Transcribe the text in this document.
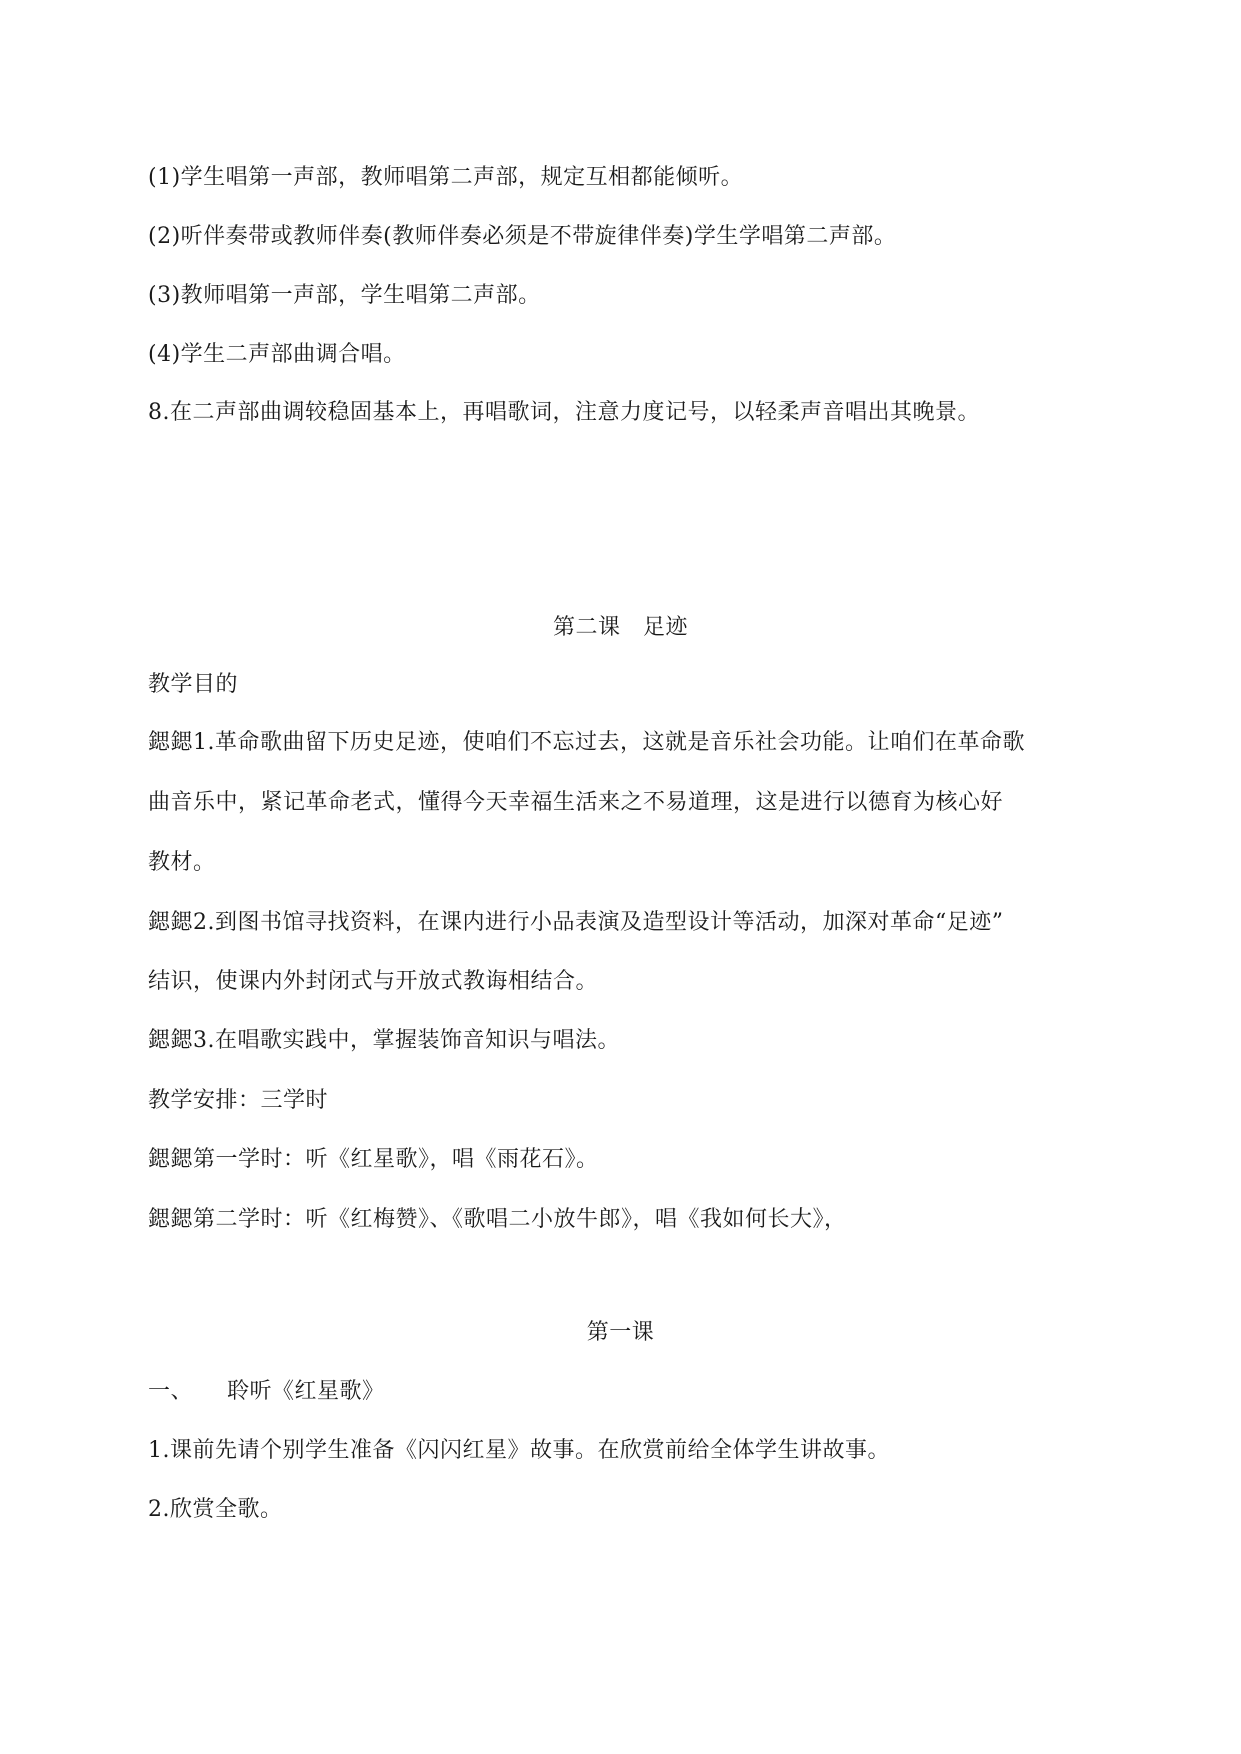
(1)学生唱第一声部，教师唱第二声部，规定互相都能倾听。
(2)听伴奏带或教师伴奏(教师伴奏必须是不带旋律伴奏)学生学唱第二声部。
(3)教师唱第一声部，学生唱第二声部。
(4)学生二声部曲调合唱。
8.在二声部曲调较稳固基本上，再唱歌词，注意力度记号，以轻柔声音唱出其晚景。
第二课　足迹
教学目的
鍶鍶1.革命歌曲留下历史足迹，使咱们不忘过去，这就是音乐社会功能。让咱们在革命歌
曲音乐中，紧记革命老式，懂得今天幸福生活来之不易道理，这是进行以德育为核心好
教材。
鍶鍶2.到图书馆寻找资料，在课内进行小品表演及造型设计等活动，加深对革命“足迹”
结识，使课内外封闭式与开放式教诲相结合。
鍶鍶3.在唱歌实践中，掌握装饰音知识与唱法。
教学安排：三学时
鍶鍶第一学时：听《红星歌》，唱《雨花石》。
鍶鍶第二学时：听《红梅赞》、《歌唱二小放牛郎》，唱《我如何长大》，
第一课
一、　　聆听《红星歌》
1.课前先请个别学生准备《闪闪红星》故事。在欣赏前给全体学生讲故事。
2.欣赏全歌。
